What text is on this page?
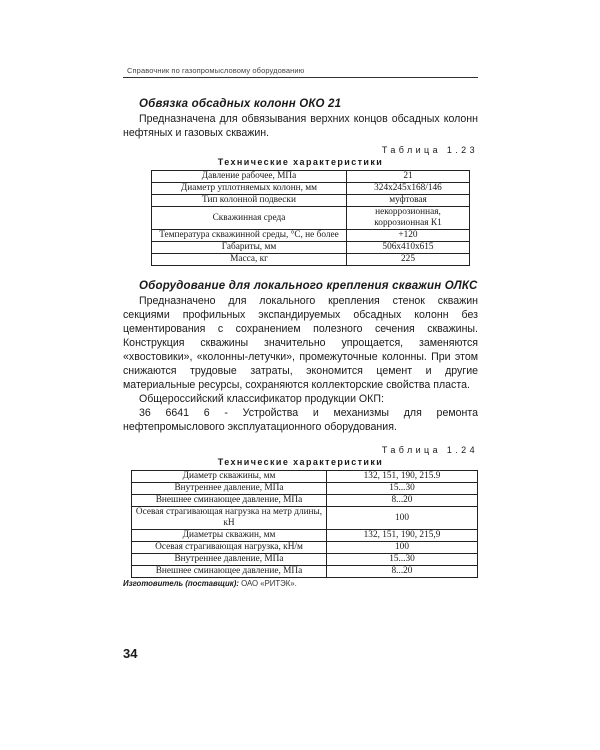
Справочник по газопромысловому оборудованию
Обвязка обсадных колонн ОКО 21

Предназначена для обвязывания верхних концов обсадных колонн нефтяных и газовых скважин.

Таблица 1.23
Технические характеристики
Давление рабочее, МПа	21
Диаметр уплотняемых колонн, мм	324х245х168/146
Тип колонной подвески	муфтовая
Скважинная среда	некоррозионная, коррозионная К1
Температура скважинной среды, °С, не более	+120
Габариты, мм	506х410х615
Масса, кг	225
Оборудование для локального крепления скважин ОЛКС

Предназначено для локального крепления стенок скважин секциями профильных экспандируемых обсадных колонн без цементирования с сохранением полезного сечения скважины. Конструкция скважины значительно упрощается, заменяются «хвостовики», «колонны-летучки», промежуточные колонны. При этом снижаются трудовые затраты, экономится цемент и другие материальные ресурсы, сохраняются коллекторские свойства пласта.

Общероссийский классификатор продукции ОКП:

36 6641 6 - Устройства и механизмы для ремонта нефтепромыслового эксплуатационного оборудования.

Таблица 1.24
Технические характеристики
Диаметр скважины, мм	132, 151, 190, 215.9
Внутреннее давление, МПа	15...30
Внешнее сминающее давление, МПа	8...20
Осевая страгивающая нагрузка на метр длины, кН	100
Диаметры скважин, мм	132, 151, 190, 215,9
Осевая страгивающая нагрузка, кН/м	100
Внутреннее давление, МПа	15...30
Внешнее сминающее давление, МПа	8...20
Изготовитель (поставщик): ОАО «РИТЭК».
34
